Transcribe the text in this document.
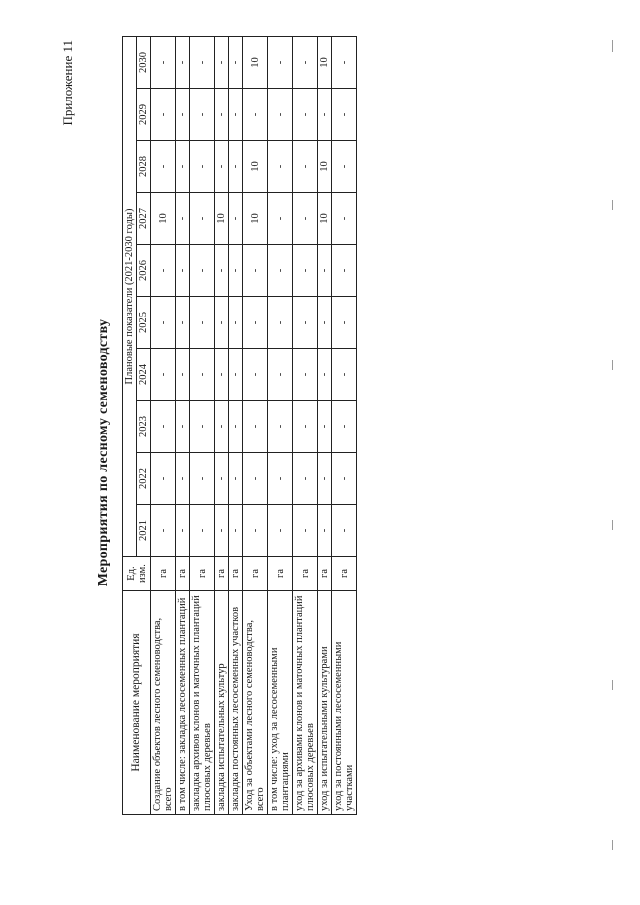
Приложение 11
Мероприятия по лесному семеноводству
Наименование мероприятия	Ед. изм.	Плановые показатели (2021-2030 годы)									
		2021	2022	2023	2024	2025	2026	2027	2028	2029	2030
Создание объектов лесного семеноводства, всего	га	-	-	-	-	-	-	10	-	-	-
в том числе: закладка лесосеменных плантаций	га	-	-	-	-	-	-	-	-	-	-
закладка архивов клонов и маточных плантаций плюсовых деревьев	га	-	-	-	-	-	-	-	-	-	-
закладка испытательных культур	га	-	-	-	-	-	-	10	-	-	-
закладка постоянных лесосеменных участков	га	-	-	-	-	-	-	-	-	-	-
Уход за объектами лесного семеноводства, всего	га	-	-	-	-	-	-	10	10	-	10
в том числе: уход за лесосеменными плантациями	га	-	-	-	-	-	-	-	-	-	-
уход за архивами клонов и маточных плантаций плюсовых деревьев	га	-	-	-	-	-	-	-	-	-	-
уход за испытательными культурами	га	-	-	-	-	-	-	10	10	-	10
уход за постоянными лесосеменными участками	га	-	-	-	-	-	-	-	-	-	-
